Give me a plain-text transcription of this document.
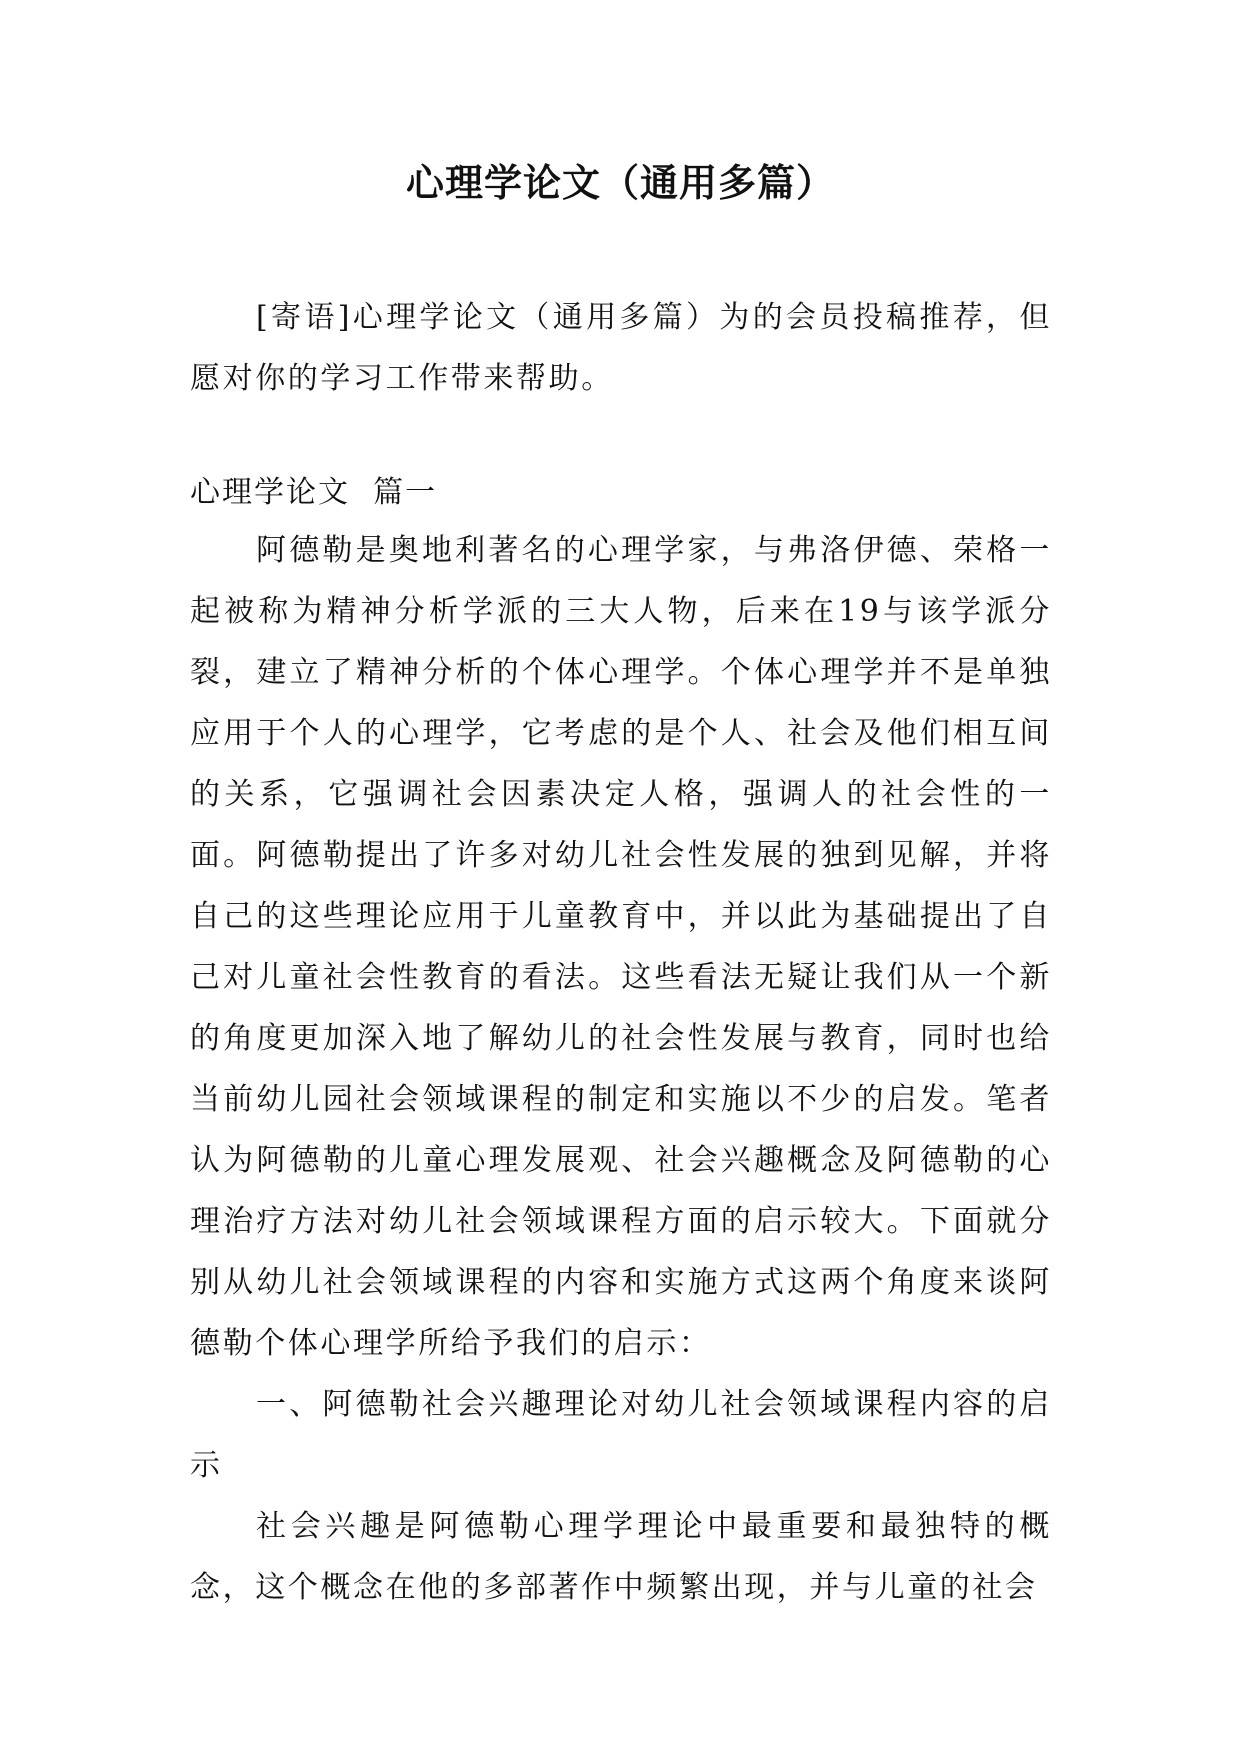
心理学论文（通用多篇）

[寄语]心理学论文（通用多篇）为的会员投稿推荐，但愿对你的学习工作带来帮助。

心理学论文  篇一

阿德勒是奥地利著名的心理学家，与弗洛伊德、荣格一起被称为精神分析学派的三大人物，后来在19与该学派分裂，建立了精神分析的个体心理学。个体心理学并不是单独应用于个人的心理学，它考虑的是个人、社会及他们相互间的关系，它强调社会因素决定人格，强调人的社会性的一面。阿德勒提出了许多对幼儿社会性发展的独到见解，并将自己的这些理论应用于儿童教育中，并以此为基础提出了自己对儿童社会性教育的看法。这些看法无疑让我们从一个新的角度更加深入地了解幼儿的社会性发展与教育，同时也给当前幼儿园社会领域课程的制定和实施以不少的启发。笔者认为阿德勒的儿童心理发展观、社会兴趣概念及阿德勒的心理治疗方法对幼儿社会领域课程方面的启示较大。下面就分别从幼儿社会领域课程的内容和实施方式这两个角度来谈阿德勒个体心理学所给予我们的启示：

一、阿德勒社会兴趣理论对幼儿社会领域课程内容的启示

社会兴趣是阿德勒心理学理论中最重要和最独特的概念，这个概念在他的多部著作中频繁出现，并与儿童的社会
